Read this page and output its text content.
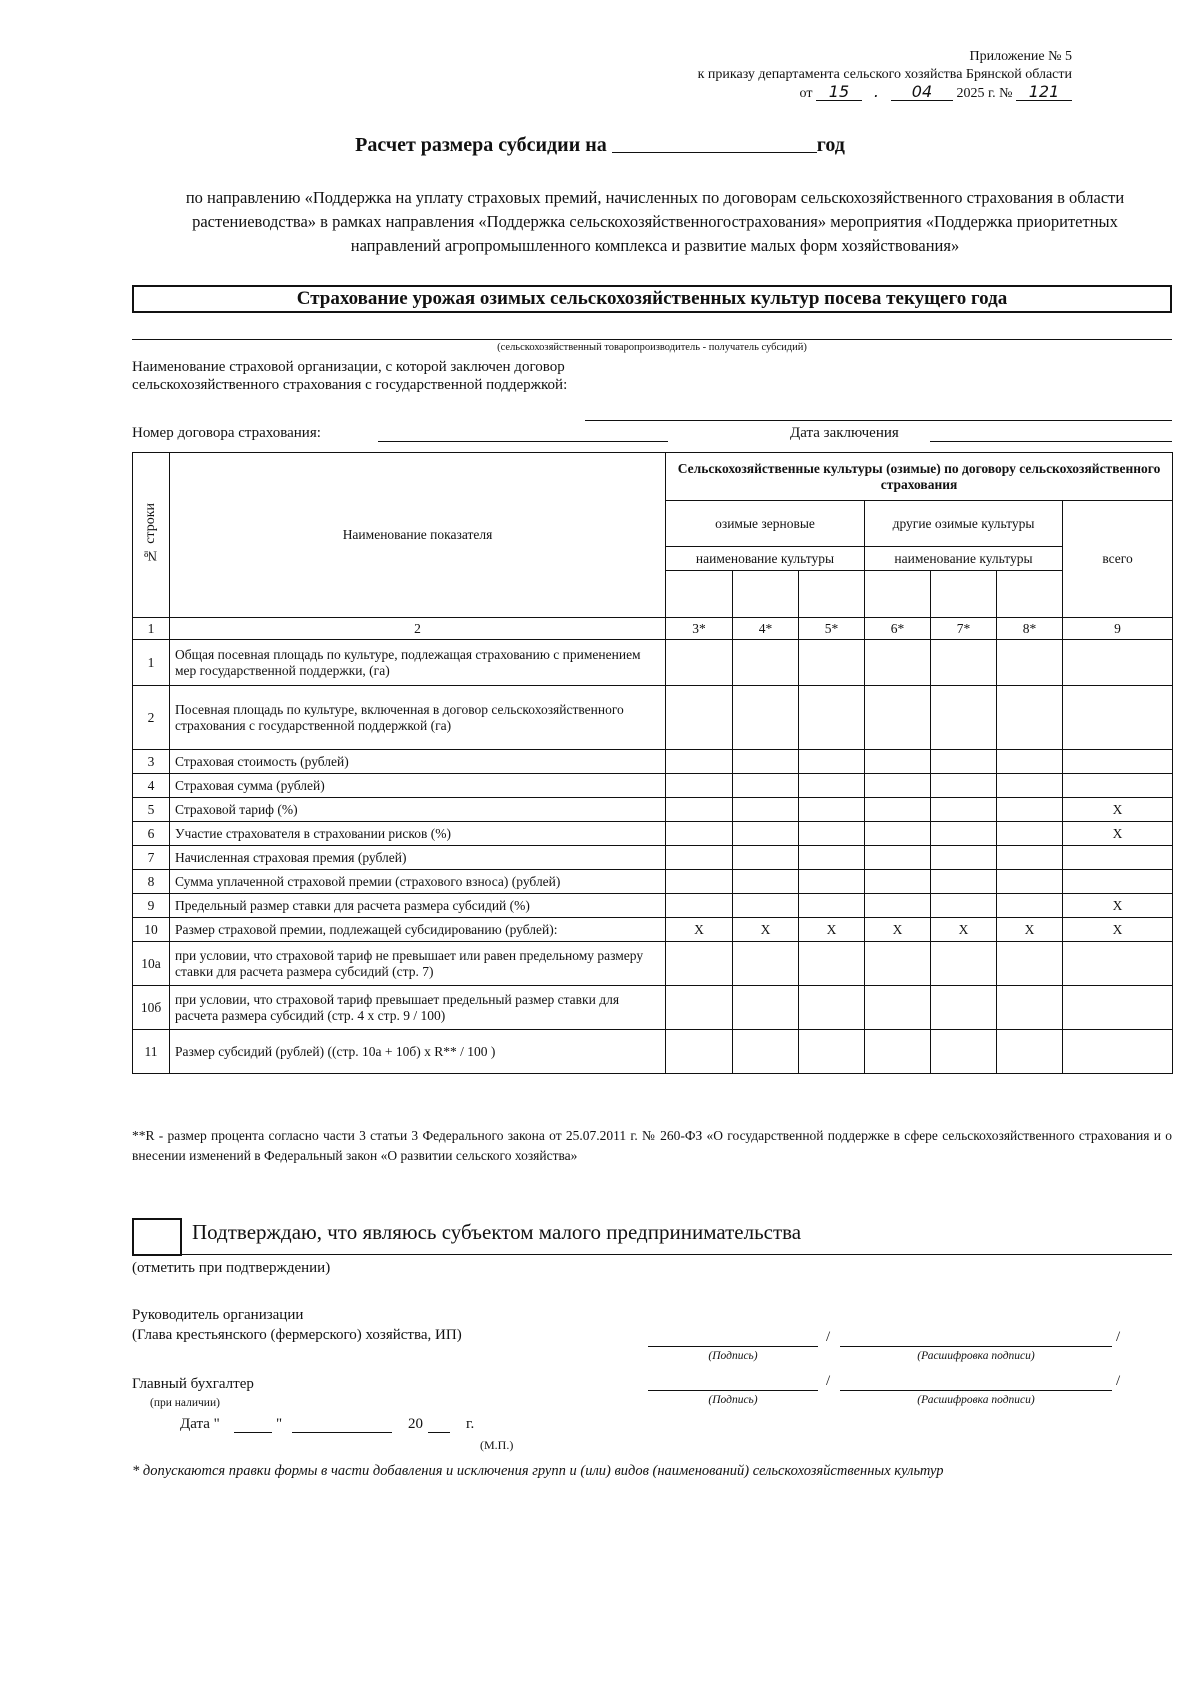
Приложение № 5
к приказу департамента сельского хозяйства Брянской области
от 15 . 04 2025 г. № 121
Расчет размера субсидии на	год
по направлению «Поддержка на уплату страховых премий, начисленных по договорам сельскохозяйственного страхования в области растениеводства» в рамках направления «Поддержка сельскохозяйственногострахования» мероприятия «Поддержка приоритетных направлений агропромышленного комплекса и развитие малых форм хозяйствования»
Страхование урожая озимых сельскохозяйственных культур посева текущего года
(сельскохозяйственный товаропроизводитель - получатель субсидий)
Наименование страховой организации, с которой заключен договор сельскохозяйственного страхования с государственной поддержкой:
Номер договора страхования:	Дата заключения
№ строки	Наименование показателя	Сельскохозяйственные культуры (озимые) по договору сельскохозяйственного страхования						
		озимые зерновые			другие озимые культуры			всего
		наименование культуры			наименование культуры			

1	2	3*	4*	5*	6*	7*	8*	9
1	Общая посевная площадь по культуре, подлежащая страхованию с применением мер государственной поддержки, (га)							
2	Посевная площадь по культуре, включенная в договор сельскохозяйственного страхования с государственной поддержкой (га)							
3	Страховая стоимость (рублей)							
4	Страховая сумма (рублей)							
5	Страховой тариф (%)							Х
6	Участие страхователя в страховании рисков (%)							Х
7	Начисленная страховая премия (рублей)							
8	Сумма уплаченной страховой премии (страхового взноса) (рублей)							
9	Предельный размер ставки для расчета размера субсидий (%)							Х
10	Размер страховой премии, подлежащей субсидированию (рублей):	Х	Х	Х	Х	Х	Х	Х
10а	при условии, что страховой тариф не превышает или равен предельному размеру ставки для расчета размера субсидий (стр. 7)							
10б	при условии, что страховой тариф превышает предельный размер ставки для расчета размера субсидий (стр. 4 х стр. 9 / 100)							
11	Размер субсидий (рублей) ((стр. 10а + 10б) х R** / 100 )							
**R - размер процента согласно части 3 статьи 3 Федерального закона от 25.07.2011 г. № 260-ФЗ «О государственной поддержке в сфере сельскохозяйственного страхования и о внесении изменений в Федеральный закон «О развитии сельского хозяйства»
Подтверждаю, что являюсь субъектом малого предпринимательства
(отметить при подтверждении)
Руководитель организации
(Глава крестьянского (фермерского) хозяйства, ИП)	/	/
(Подпись)	(Расшифровка подписи)
Главный бухгалтер
(при наличии)
/	/
(Подпись)	(Расшифровка подписи)
Дата "	"	20	г.
(М.П.)
* допускаются правки формы в части добавления и исключения групп и (или) видов (наименований) сельскохозяйственных культур
